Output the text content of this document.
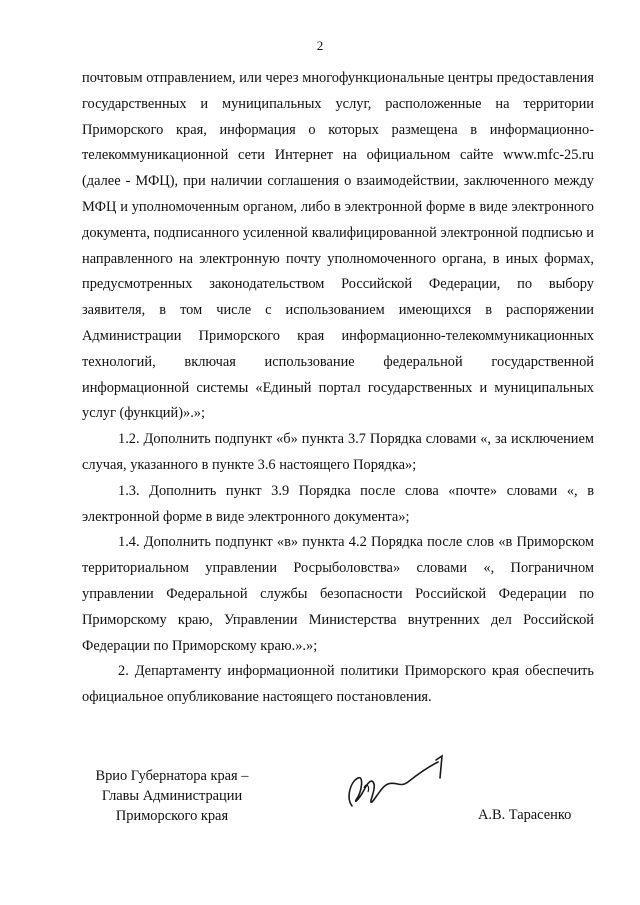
2

почтовым отправлением, или через многофункциональные центры предоставления государственных и муниципальных услуг, расположенные на территории Приморского края, информация о которых размещена в информационно-телекоммуникационной сети Интернет на официальном сайте www.mfc-25.ru (далее - МФЦ), при наличии соглашения о взаимодействии, заключенного между МФЦ и уполномоченным органом, либо в электронной форме в виде электронного документа, подписанного усиленной квалифицированной электронной подписью и направленного на электронную почту уполномоченного органа, в иных формах, предусмотренных законодательством Российской Федерации, по выбору заявителя, в том числе с использованием имеющихся в распоряжении Администрации Приморского края информационно-телекоммуникационных технологий, включая использование федеральной государственной информационной системы «Единый портал государственных и муниципальных услуг (функций)».»;

1.2. Дополнить подпункт «б» пункта 3.7 Порядка словами «, за исключением случая, указанного в пункте 3.6 настоящего Порядка»;

1.3. Дополнить пункт 3.9 Порядка после слова «почте» словами «, в электронной форме в виде электронного документа»;

1.4. Дополнить подпункт «в» пункта 4.2 Порядка после слов «в Приморском территориальном управлении Росрыболовства» словами «, Пограничном управлении Федеральной службы безопасности Российской Федерации по Приморскому краю, Управлении Министерства внутренних дел Российской Федерации по Приморскому краю.».»;

2. Департаменту информационной политики Приморского края обеспечить официальное опубликование настоящего постановления.

Врио Губернатора края –
Главы Администрации
Приморского края	А.В. Тарасенко
